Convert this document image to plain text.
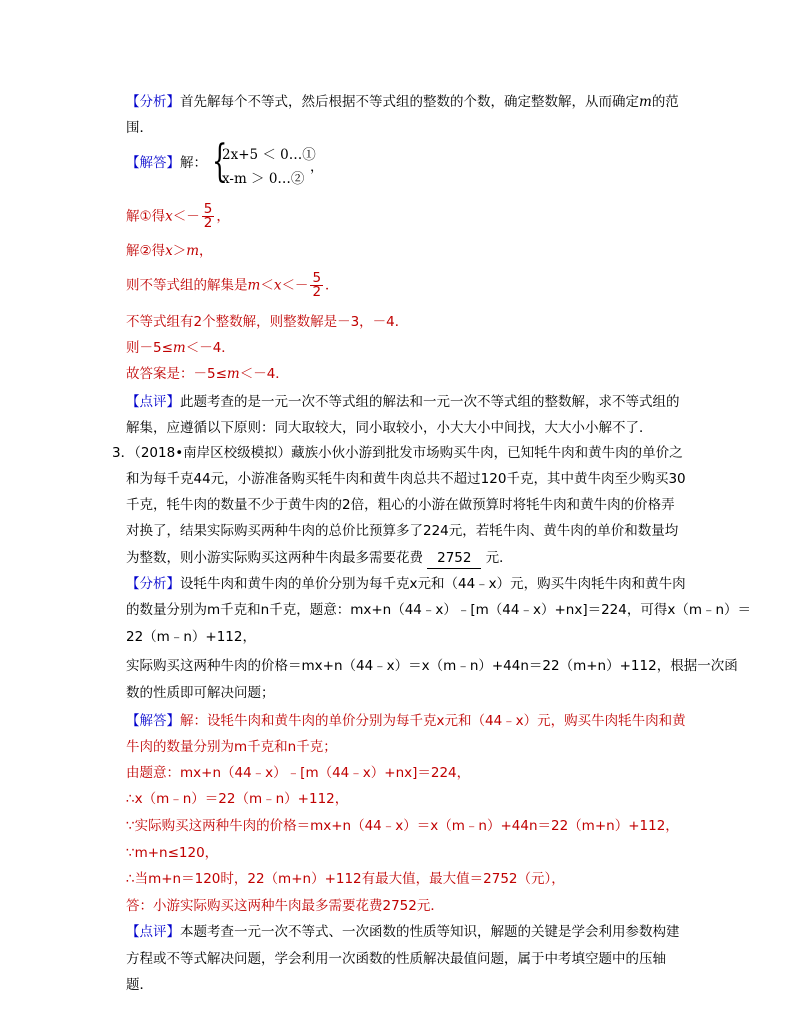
【分析】首先解每个不等式，然后根据不等式组的整数的个数，确定整数解，从而确定m的范
围．
【解答】解： {
2x+5 ＜ 0…①
x-m ＞ 0…②
，
解①得$x<- \frac{5}{2}$ ，
解②得x＞m，
则不等式组的解集是$m<x<- \frac{5}{2}$ ．
不等式组有2个整数解，则整数解是－3，－4．
则－5≤m＜－4．
故答案是：－5≤m＜－4．
【点评】此题考查的是一元一次不等式组的解法和一元一次不等式组的整数解，求不等式组的
解集，应遵循以下原则：同大取较大，同小取较小，小大大小中间找，大大小小解不了．
3．（2018•南岸区校级模拟）藏族小伙小游到批发市场购买牛肉，已知牦牛肉和黄牛肉的单价之
和为每千克44元，小游准备购买牦牛肉和黄牛肉总共不超过120千克，其中黄牛肉至少购买30
千克，牦牛肉的数量不少于黄牛肉的2倍，粗心的小游在做预算时将牦牛肉和黄牛肉的价格弄
对换了，结果实际购买两种牛肉的总价比预算多了224元，若牦牛肉、黄牛肉的单价和数量均
为整数，则小游实际购买这两种牛肉最多需要花费 2752 元．
【分析】设牦牛肉和黄牛肉的单价分别为每千克x元和（44﹣x）元，购买牛肉牦牛肉和黄牛肉
的数量分别为m千克和n千克，题意：mx+n（44﹣x）﹣[m（44﹣x）+nx]＝224，可得x（m﹣n）＝
22（m﹣n）+112，
实际购买这两种牛肉的价格＝mx+n（44﹣x）＝x（m﹣n）+44n＝22（m+n）+112，根据一次函
数的性质即可解决问题；
【解答】解：设牦牛肉和黄牛肉的单价分别为每千克x元和（44﹣x）元，购买牛肉牦牛肉和黄
牛肉的数量分别为m千克和n千克；
由题意：mx+n（44﹣x）﹣[m（44﹣x）+nx]＝224，
∴x（m﹣n）＝22（m﹣n）+112，
∵实际购买这两种牛肉的价格＝mx+n（44﹣x）＝x（m﹣n）+44n＝22（m+n）+112，
∵m+n≤120，
∴当m+n＝120时，22（m+n）+112有最大值，最大值＝2752（元），
答：小游实际购买这两种牛肉最多需要花费2752元．
【点评】本题考查一元一次不等式、一次函数的性质等知识，解题的关键是学会利用参数构建
方程或不等式解决问题，学会利用一次函数的性质解决最值问题，属于中考填空题中的压轴
题．
